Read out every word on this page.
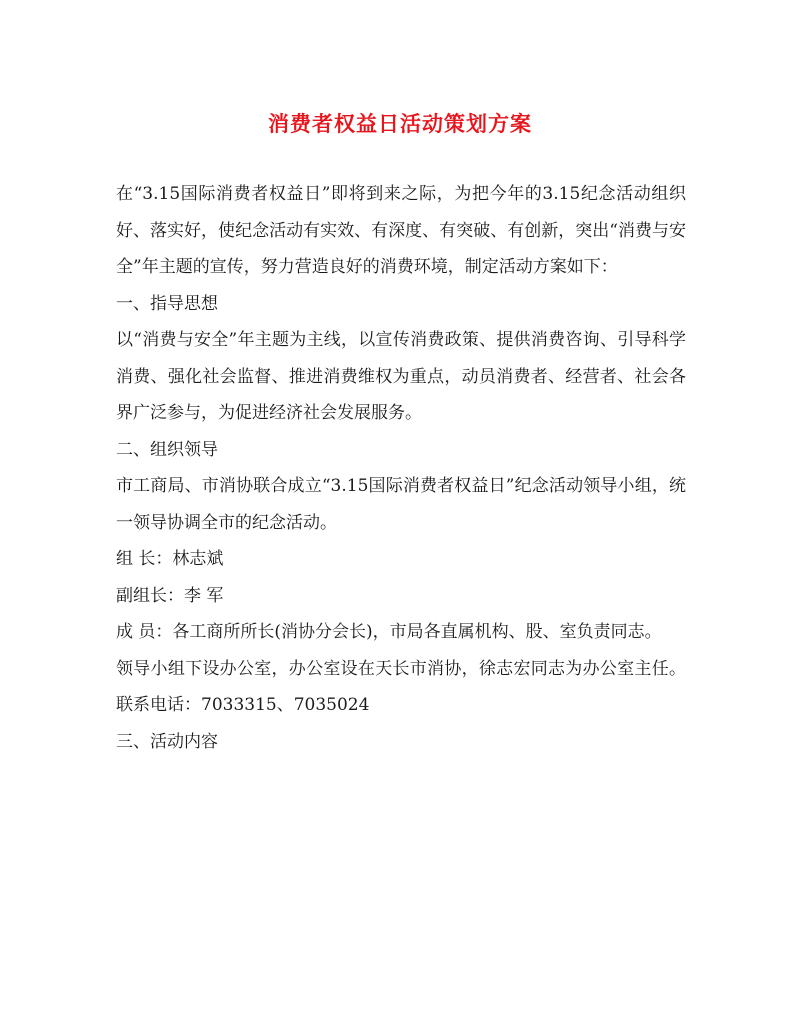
消费者权益日活动策划方案

在“3.15国际消费者权益日”即将到来之际，为把今年的3.15纪念活动组织好、落实好，使纪念活动有实效、有深度、有突破、有创新，突出“消费与安全”年主题的宣传，努力营造良好的消费环境，制定活动方案如下：

一、指导思想

以“消费与安全”年主题为主线，以宣传消费政策、提供消费咨询、引导科学消费、强化社会监督、推进消费维权为重点，动员消费者、经营者、社会各界广泛参与，为促进经济社会发展服务。

二、组织领导

市工商局、市消协联合成立“3.15国际消费者权益日”纪念活动领导小组，统一领导协调全市的纪念活动。

组 长：林志斌

副组长：李 军

成 员：各工商所所长(消协分会长)，市局各直属机构、股、室负责同志。

领导小组下设办公室，办公室设在天长市消协，徐志宏同志为办公室主任。联系电话：7033315、7035024

三、活动内容
